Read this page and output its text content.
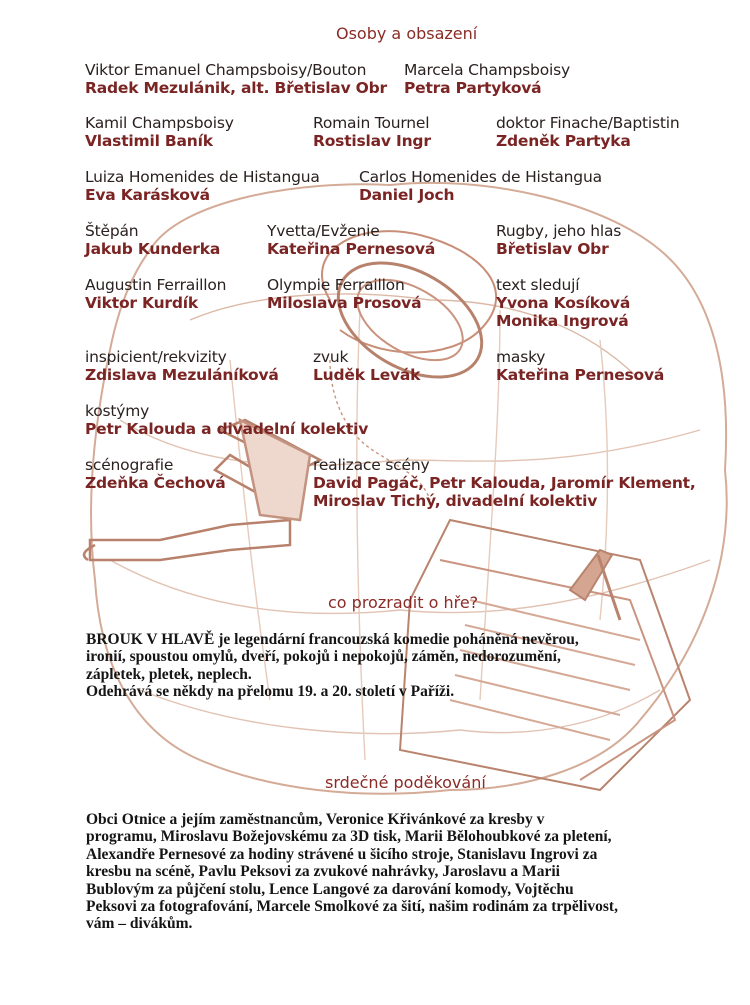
Osoby a obsazení
Viktor Emanuel Champsboisy/Bouton
Radek Mezulánik, alt. Břetislav Obr
Marcela Champsboisy
Petra Partyková
Kamil Champsboisy
Vlastimil Baník
Romain Tournel
Rostislav Ingr
doktor Finache/Baptistin
Zdeněk Partyka
Luiza Homenides de Histangua
Eva Karásková
Carlos Homenides de Histangua
Daniel Joch
Štěpán
Jakub Kunderka
Yvetta/Evženie
Kateřina Pernesová
Rugby, jeho hlas
Břetislav Obr
Augustin Ferraillon
Viktor Kurdík
Olympie Ferraillon
Miloslava Prosová
text sledují
Yvona Kosíková
Monika Ingrová
inspicient/rekvizity
Zdislava Mezuláníková
zvuk
Luděk Levák
masky
Kateřina Pernesová
kostýmy
Petr Kalouda a divadelní kolektiv
scénografie
Zdeňka Čechová
realizace scény
David Pagáč, Petr Kalouda, Jaromír Klement,
Miroslav Tichý, divadelní kolektiv
co prozradit o hře?
BROUK V HLAVĚ je legendární francouzská komedie poháněná nevěrou,
ironií, spoustou omylů, dveří, pokojů i nepokojů, záměn, nedorozumění,
zápletek, pletek, neplech.
Odehrává se někdy na přelomu 19. a 20. století v Paříži.
srdečné poděkování
Obci Otnice a jejím zaměstnancům, Veronice Křivánkové za kresby v
programu, Miroslavu Božejovskému za 3D tisk, Marii Bělohoubkové za pletení,
Alexandře Pernesové za hodiny strávené u šicího stroje, Stanislavu Ingrovi za
kresbu na scéně, Pavlu Peksovi za zvukové nahrávky, Jaroslavu a Marii
Bublovým za půjčení stolu, Lence Langové za darování komody, Vojtěchu
Peksovi za fotografování, Marcele Smolkové za šití, našim rodinám za trpělivost,
vám – divákům.
